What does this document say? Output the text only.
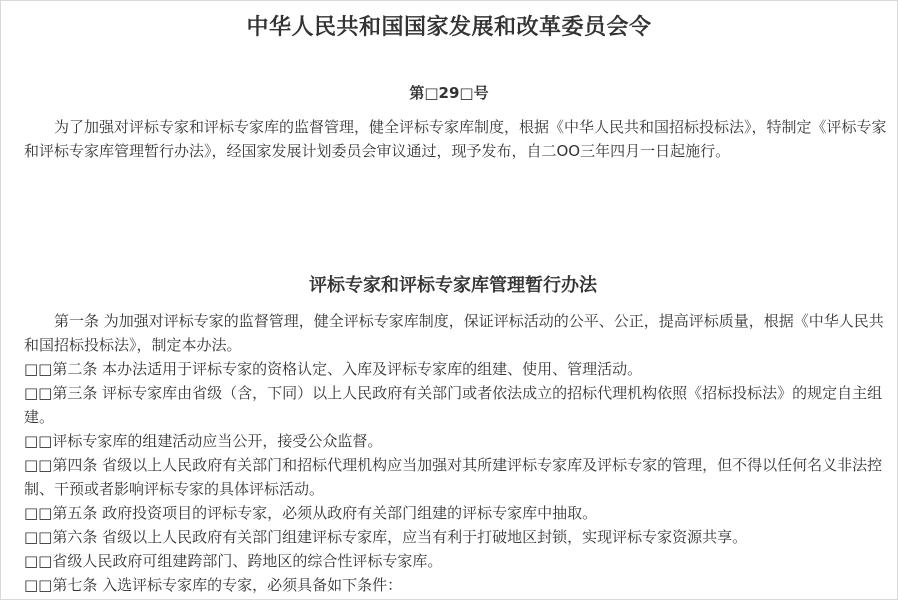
中华人民共和国国家发展和改革委员会令
第□29□号

　　为了加强对评标专家和评标专家库的监督管理，健全评标专家库制度，根据《中华人民共和国招标投标法》，特制定《评标专家和评标专家库管理暂行办法》，经国家发展计划委员会审议通过，现予发布，自二OO三年四月一日起施行。

评标专家和评标专家库管理暂行办法
　　第一条 为加强对评标专家的监督管理，健全评标专家库制度，保证评标活动的公平、公正，提高评标质量，根据《中华人民共和国招标投标法》，制定本办法。
□□第二条 本办法适用于评标专家的资格认定、入库及评标专家库的组建、使用、管理活动。
□□第三条 评标专家库由省级（含，下同）以上人民政府有关部门或者依法成立的招标代理机构依照《招标投标法》的规定自主组建。
□□评标专家库的组建活动应当公开，接受公众监督。
□□第四条 省级以上人民政府有关部门和招标代理机构应当加强对其所建评标专家库及评标专家的管理，但不得以任何名义非法控制、干预或者影响评标专家的具体评标活动。
□□第五条 政府投资项目的评标专家，必须从政府有关部门组建的评标专家库中抽取。
□□第六条 省级以上人民政府有关部门组建评标专家库，应当有利于打破地区封锁，实现评标专家资源共享。
□□省级人民政府可组建跨部门、跨地区的综合性评标专家库。
□□第七条 入选评标专家库的专家，必须具备如下条件：
